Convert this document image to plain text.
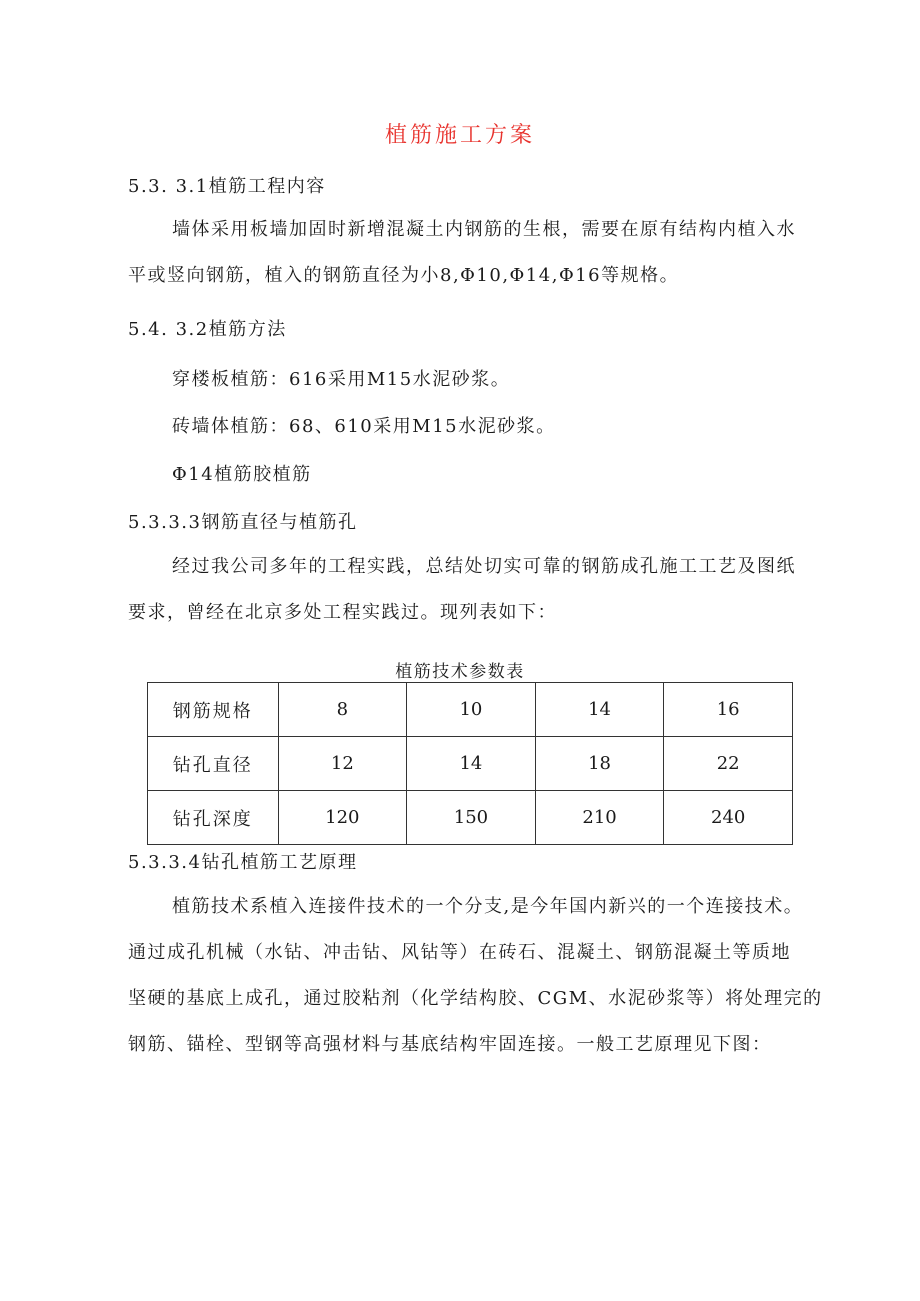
植筋施工方案
5.3. 3.1植筋工程内容
墙体采用板墙加固时新增混凝土内钢筋的生根，需要在原有结构内植入水
平或竖向钢筋，植入的钢筋直径为小8,Φ10,Φ14,Φ16等规格。
5.4. 3.2植筋方法
穿楼板植筋：616采用M15水泥砂浆。
砖墙体植筋：68、610采用M15水泥砂浆。
Φ14植筋胶植筋
5.3.3.3钢筋直径与植筋孔
经过我公司多年的工程实践，总结处切实可靠的钢筋成孔施工工艺及图纸
要求，曾经在北京多处工程实践过。现列表如下：
植筋技术参数表
钢筋规格	8	10	14	16
钻孔直径	12	14	18	22
钻孔深度	120	150	210	240
5.3.3.4钻孔植筋工艺原理
植筋技术系植入连接件技术的一个分支,是今年国内新兴的一个连接技术。
通过成孔机械（水钻、冲击钻、风钻等）在砖石、混凝土、钢筋混凝土等质地
坚硬的基底上成孔，通过胶粘剂（化学结构胶、CGM、水泥砂浆等）将处理完的
钢筋、锚栓、型钢等高强材料与基底结构牢固连接。一般工艺原理见下图：
